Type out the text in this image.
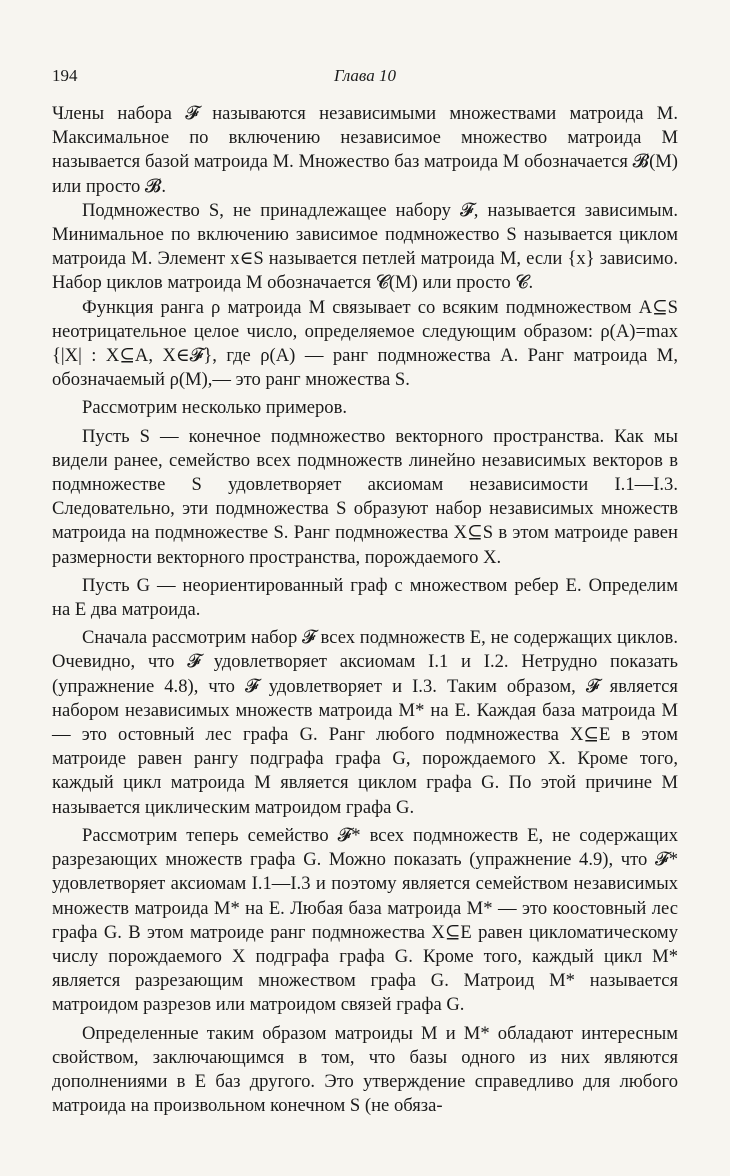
194	Глава 10

Члены набора 𝓕 называются независимыми множествами матроида M. Максимальное по включению независимое множество матроида M называется базой матроида M. Множество баз матроида M обозначается 𝓑(M) или просто 𝓑.

Подмножество S, не принадлежащее набору 𝓕, называется зависимым. Минимальное по включению зависимое подмножество S называется циклом матроида M. Элемент x∈S называется петлей матроида M, если {x} зависимо. Набор циклов матроида M обозначается 𝓒(M) или просто 𝓒.

Функция ранга ρ матроида M связывает со всяким подмножеством A⊆S неотрицательное целое число, определяемое следующим образом: ρ(A)=max {|X| : X⊆A, X∈𝓕}, где ρ(A) — ранг подмножества A. Ранг матроида M, обозначаемый ρ(M),— это ранг множества S.

Рассмотрим несколько примеров.

Пусть S — конечное подмножество векторного пространства. Как мы видели ранее, семейство всех подмножеств линейно независимых векторов в подмножестве S удовлетворяет аксиомам независимости I.1—I.3. Следовательно, эти подмножества S образуют набор независимых множеств матроида на подмножестве S. Ранг подмножества X⊆S в этом матроиде равен размерности векторного пространства, порождаемого X.

Пусть G — неориентированный граф с множеством ребер E. Определим на E два матроида.

Сначала рассмотрим набор 𝓕 всех подмножеств E, не содержащих циклов. Очевидно, что 𝓕 удовлетворяет аксиомам I.1 и I.2. Нетрудно показать (упражнение 4.8), что 𝓕 удовлетворяет и I.3. Таким образом, 𝓕 является набором независимых множеств матроида M* на E. Каждая база матроида M — это остовный лес графа G. Ранг любого подмножества X⊆E в этом матроиде равен рангу подграфа графа G, порождаемого X. Кроме того, каждый цикл матроида M является циклом графа G. По этой причине M называется циклическим матроидом графа G.

Рассмотрим теперь семейство 𝓕* всех подмножеств E, не содержащих разрезающих множеств графа G. Можно показать (упражнение 4.9), что 𝓕* удовлетворяет аксиомам I.1—I.3 и поэтому является семейством независимых множеств матроида M* на E. Любая база матроида M* — это коостовный лес графа G. В этом матроиде ранг подмножества X⊆E равен цикломатическому числу порождаемого X подграфа графа G. Кроме того, каждый цикл M* является разрезающим множеством графа G. Матроид M* называется матроидом разрезов или матроидом связей графа G.

Определенные таким образом матроиды M и M* обладают интересным свойством, заключающимся в том, что базы одного из них являются дополнениями в E баз другого. Это утверждение справедливо для любого матроида на произвольном конечном S (не обяза-
